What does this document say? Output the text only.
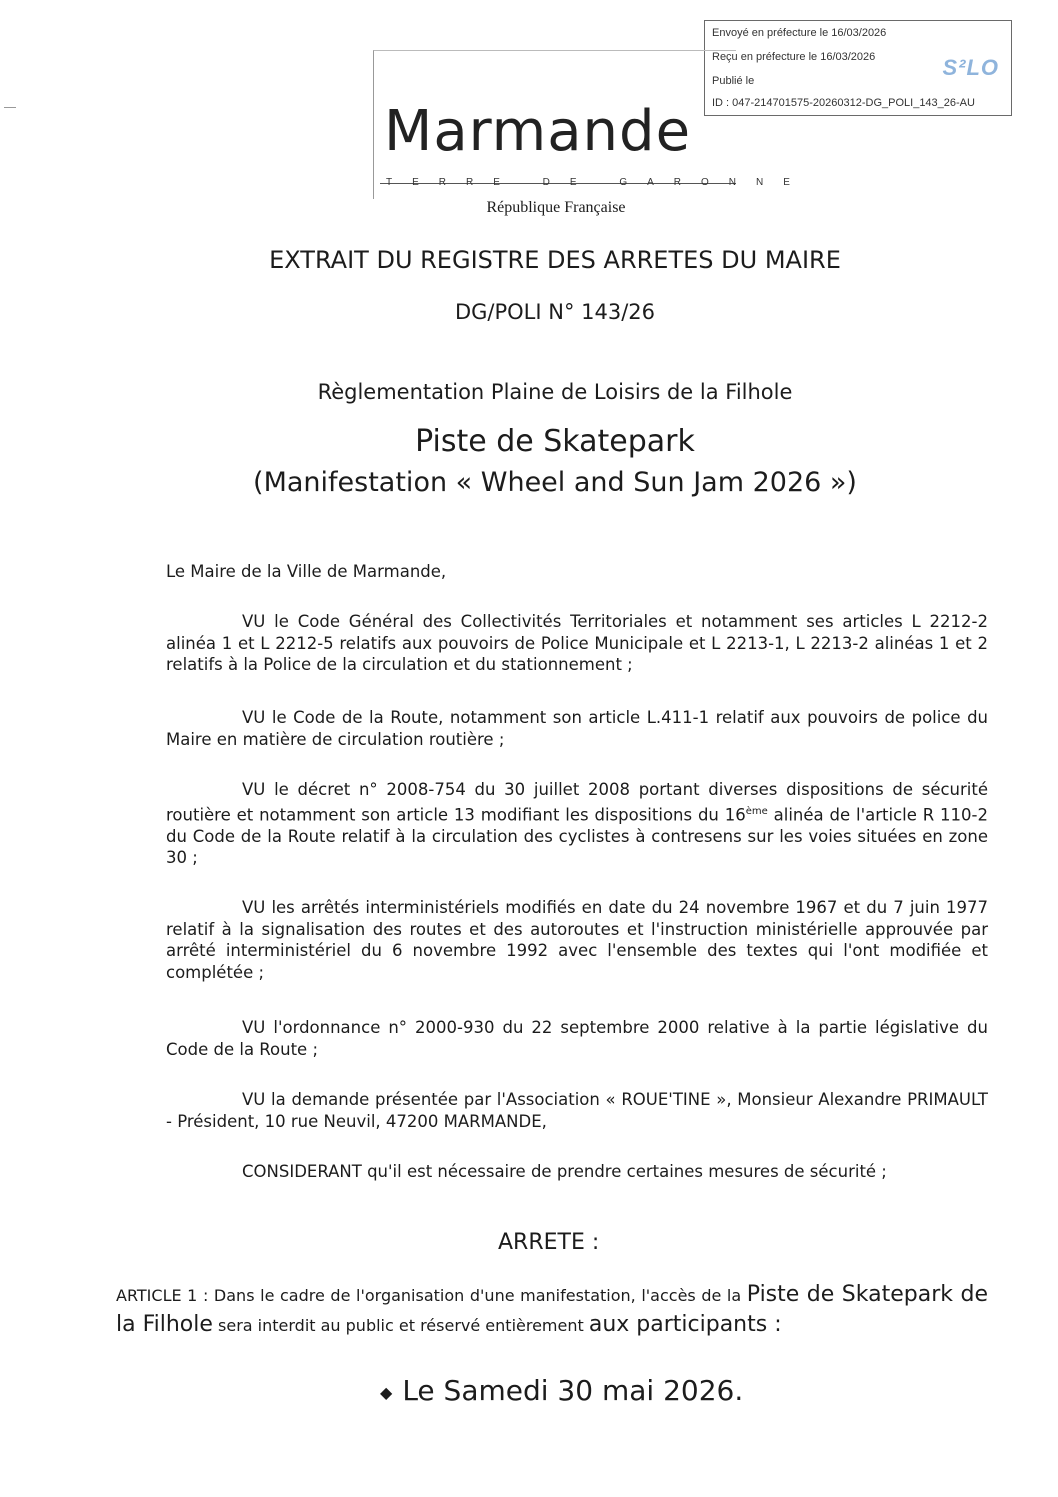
Envoyé en préfecture le 16/03/2026
Reçu en préfecture le 16/03/2026
Publié le
ID : 047-214701575-20260312-DG_POLI_143_26-AU
S²LO
Marmande
TERRE DE GARONNE
République Française
EXTRAIT DU REGISTRE DES ARRETES DU MAIRE
DG/POLI N° 143/26
Règlementation Plaine de Loisirs de la Filhole
Piste de Skatepark
(Manifestation « Wheel and Sun Jam 2026 »)
Le Maire de la Ville de Marmande,
VU le Code Général des Collectivités Territoriales et notamment ses articles L 2212-2 alinéa 1 et L 2212-5 relatifs aux pouvoirs de Police Municipale et L 2213-1, L 2213-2 alinéas 1 et 2 relatifs à la Police de la circulation et du stationnement ;
VU le Code de la Route, notamment son article L.411-1 relatif aux pouvoirs de police du Maire en matière de circulation routière ;
VU le décret n° 2008-754 du 30 juillet 2008 portant diverses dispositions de sécurité routière et notamment son article 13 modifiant les dispositions du 16ème alinéa de l'article R 110-2 du Code de la Route relatif à la circulation des cyclistes à contresens sur les voies situées en zone 30 ;
VU les arrêtés interministériels modifiés en date du 24 novembre 1967 et du 7 juin 1977 relatif à la signalisation des routes et des autoroutes et l'instruction ministérielle approuvée par arrêté interministériel du 6 novembre 1992 avec l'ensemble des textes qui l'ont modifiée et complétée ;
VU l'ordonnance n° 2000-930 du 22 septembre 2000 relative à la partie législative du Code de la Route ;
VU la demande présentée par l'Association « ROUE'TINE », Monsieur Alexandre PRIMAULT - Président, 10 rue Neuvil, 47200 MARMANDE,
CONSIDERANT qu'il est nécessaire de prendre certaines mesures de sécurité ;
ARRETE :
ARTICLE 1 : Dans le cadre de l'organisation d'une manifestation, l'accès de la Piste de Skatepark de la Filhole sera interdit au public et réservé entièrement aux participants :
◆ Le Samedi 30 mai 2026.
